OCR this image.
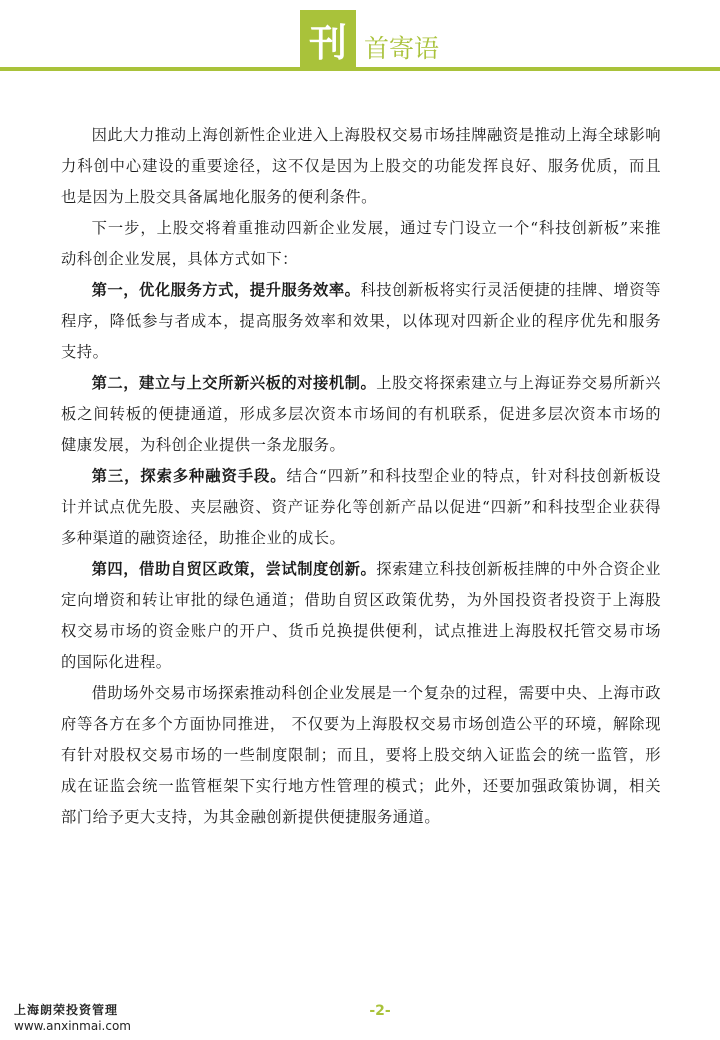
刊 首寄语

因此大力推动上海创新性企业进入上海股权交易市场挂牌融资是推动上海全球影响力科创中心建设的重要途径，这不仅是因为上股交的功能发挥良好、服务优质，而且也是因为上股交具备属地化服务的便利条件。

下一步，上股交将着重推动四新企业发展，通过专门设立一个“科技创新板”来推动科创企业发展，具体方式如下：

第一，优化服务方式，提升服务效率。科技创新板将实行灵活便捷的挂牌、增资等程序，降低参与者成本，提高服务效率和效果，以体现对四新企业的程序优先和服务支持。

第二，建立与上交所新兴板的对接机制。上股交将探索建立与上海证券交易所新兴板之间转板的便捷通道，形成多层次资本市场间的有机联系，促进多层次资本市场的健康发展，为科创企业提供一条龙服务。

第三，探索多种融资手段。结合“四新”和科技型企业的特点，针对科技创新板设计并试点优先股、夹层融资、资产证券化等创新产品以促进“四新”和科技型企业获得多种渠道的融资途径，助推企业的成长。

第四，借助自贸区政策，尝试制度创新。探索建立科技创新板挂牌的中外合资企业定向增资和转让审批的绿色通道；借助自贸区政策优势，为外国投资者投资于上海股权交易市场的资金账户的开户、货币兑换提供便利，试点推进上海股权托管交易市场的国际化进程。

借助场外交易市场探索推动科创企业发展是一个复杂的过程，需要中央、上海市政府等各方在多个方面协同推进， 不仅要为上海股权交易市场创造公平的环境，解除现有针对股权交易市场的一些制度限制；而且，要将上股交纳入证监会的统一监管，形成在证监会统一监管框架下实行地方性管理的模式；此外，还要加强政策协调，相关部门给予更大支持，为其金融创新提供便捷服务通道。

上海朗荣投资管理
www.anxinmai.com
-2-
